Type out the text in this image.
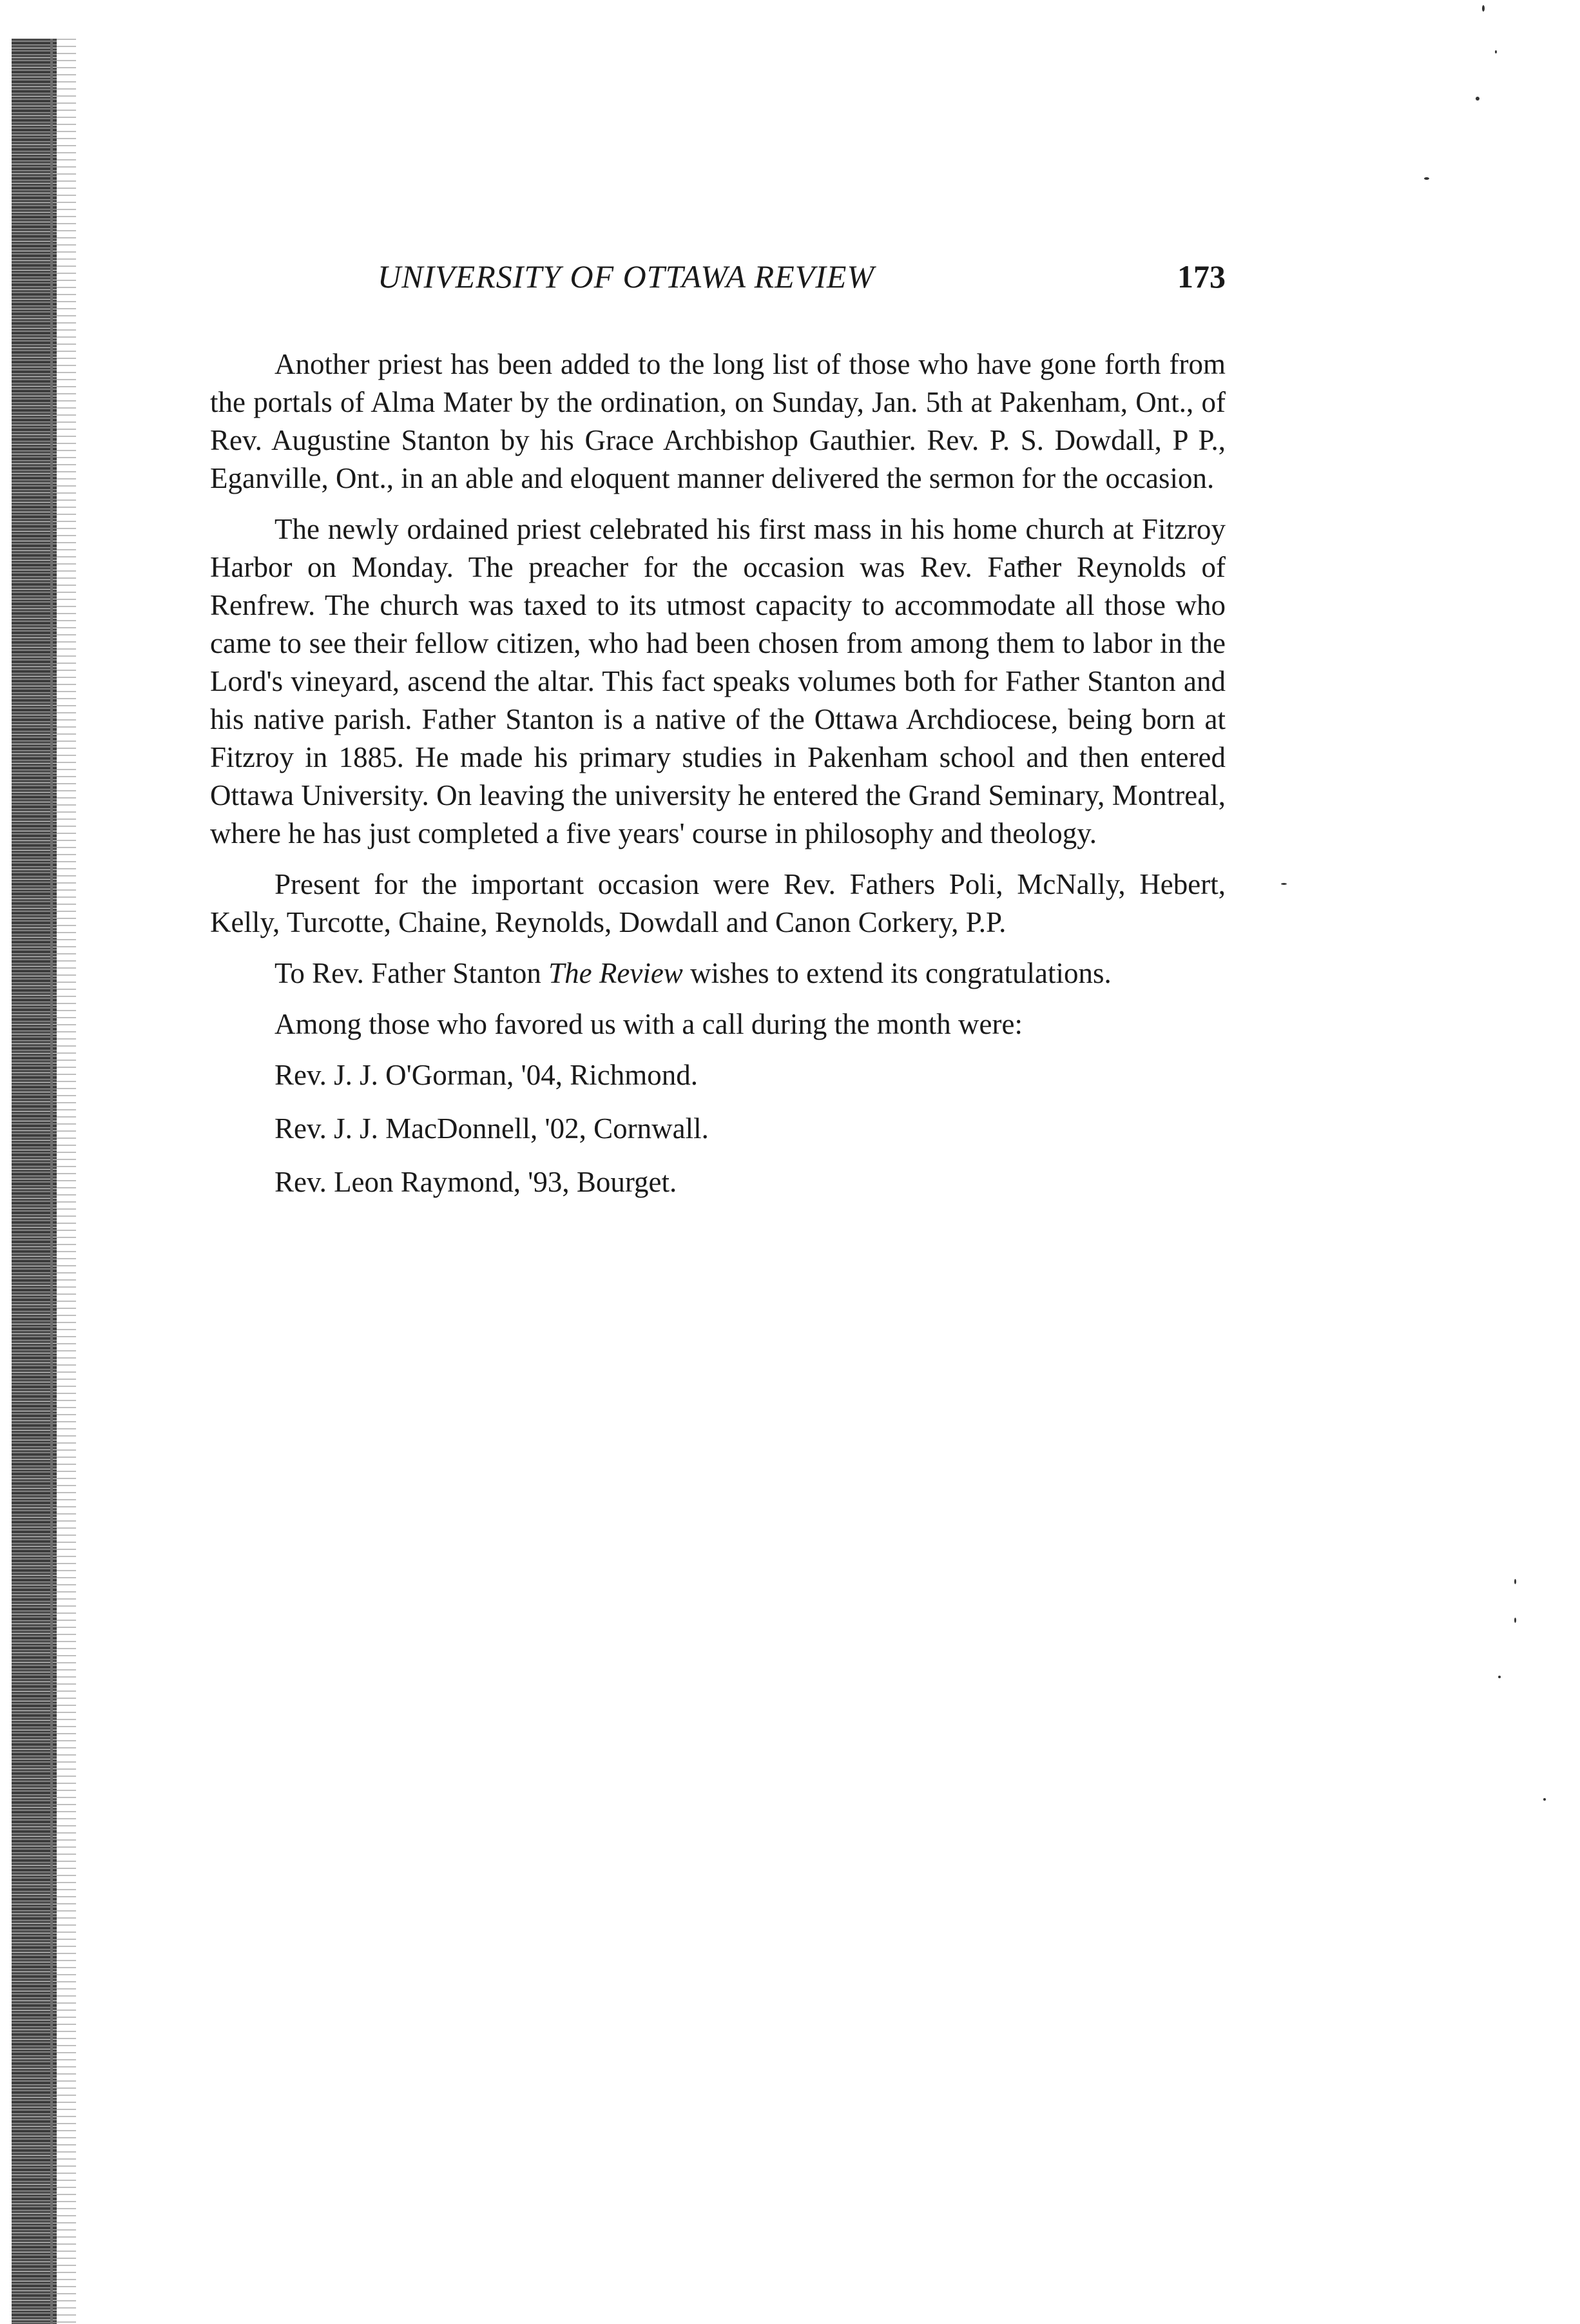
UNIVERSITY OF OTTAWA REVIEW	173

Another priest has been added to the long list of those who have gone forth from the portals of Alma Mater by the ordination, on Sunday, Jan. 5th at Pakenham, Ont., of Rev. Augustine Stanton by his Grace Archbishop Gauthier. Rev. P. S. Dowdall, P P., Eganville, Ont., in an able and eloquent manner delivered the sermon for the occasion.

The newly ordained priest celebrated his first mass in his home church at Fitzroy Harbor on Monday. The preacher for the occasion was Rev. Father Reynolds of Renfrew. The church was taxed to its utmost capacity to accommodate all those who came to see their fellow citizen, who had been chosen from among them to labor in the Lord's vineyard, ascend the altar. This fact speaks volumes both for Father Stanton and his native parish. Father Stanton is a native of the Ottawa Archdiocese, being born at Fitzroy in 1885. He made his primary studies in Pakenham school and then entered Ottawa University. On leaving the university he entered the Grand Seminary, Montreal, where he has just completed a five years' course in philosophy and theology.

Present for the important occasion were Rev. Fathers Poli, McNally, Hebert, Kelly, Turcotte, Chaine, Reynolds, Dowdall and Canon Corkery, P.P.

To Rev. Father Stanton The Review wishes to extend its congratulations.

Among those who favored us with a call during the month were:

Rev. J. J. O'Gorman, '04, Richmond.

Rev. J. J. MacDonnell, '02, Cornwall.

Rev. Leon Raymond, '93, Bourget.
